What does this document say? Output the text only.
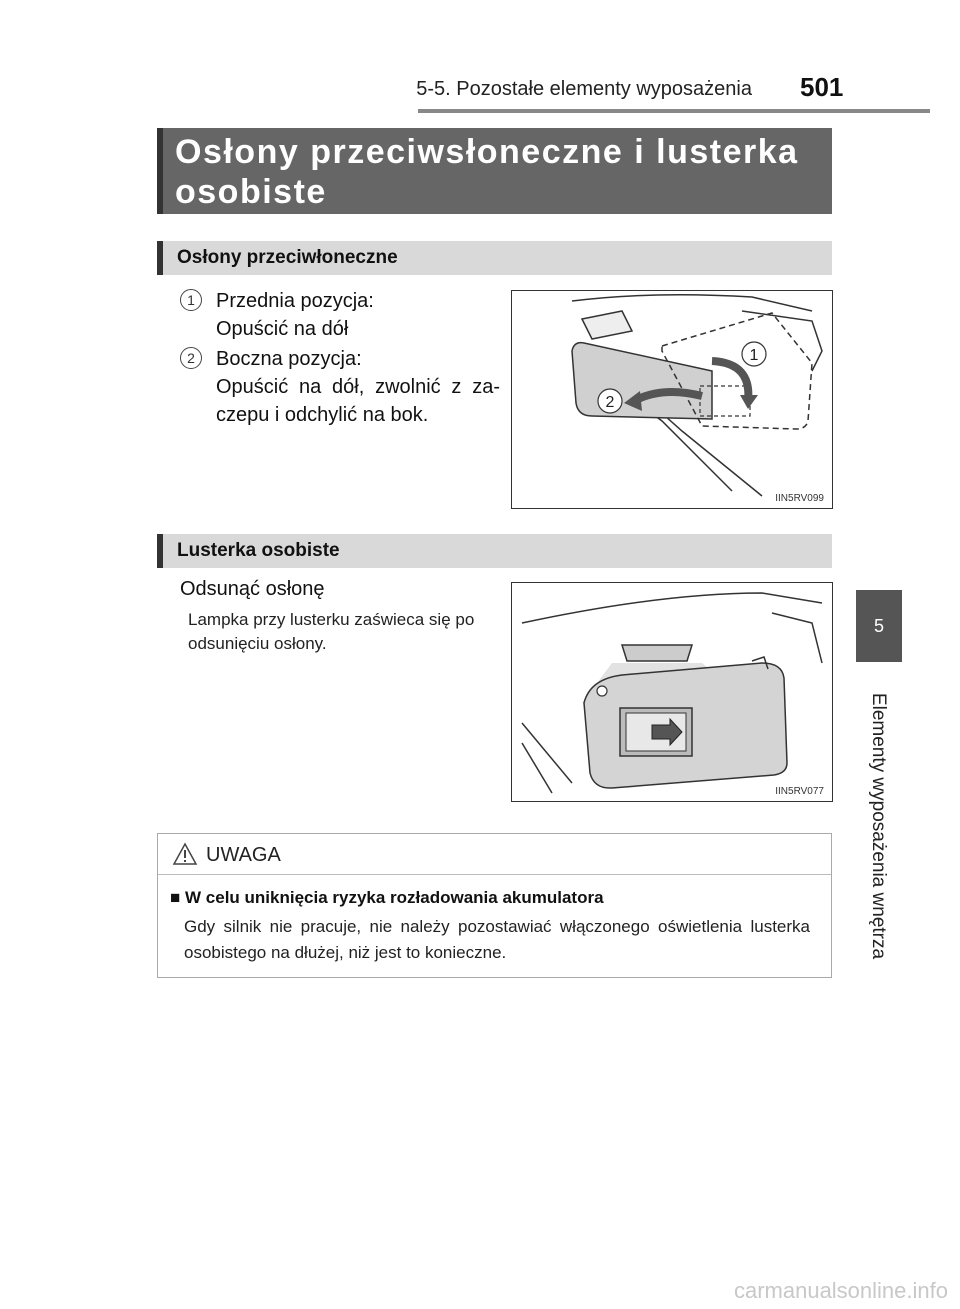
5-5. Pozostałe elementy wyposażenia 501
5
Elementy wyposażenia wnętrza
Osłony przeciwsłoneczne i lusterka
osobiste
Osłony przeciwłoneczne
1	Przednia pozycja:
Opuścić na dół
2	Boczna pozycja:
Opuścić na dół, zwolnić z za-czepu i odchylić na bok.
1
2
IIN5RV099
Lusterka osobiste
Odsunąć osłonę
Lampka przy lusterku zaświeca się po odsunięciu osłony.
IIN5RV077
UWAGA
■ W celu uniknięcia ryzyka rozładowania akumulatora
Gdy silnik nie pracuje, nie należy pozostawiać włączonego oświetlenia lusterka osobistego na dłużej, niż jest to konieczne.
carmanualsonline.info
